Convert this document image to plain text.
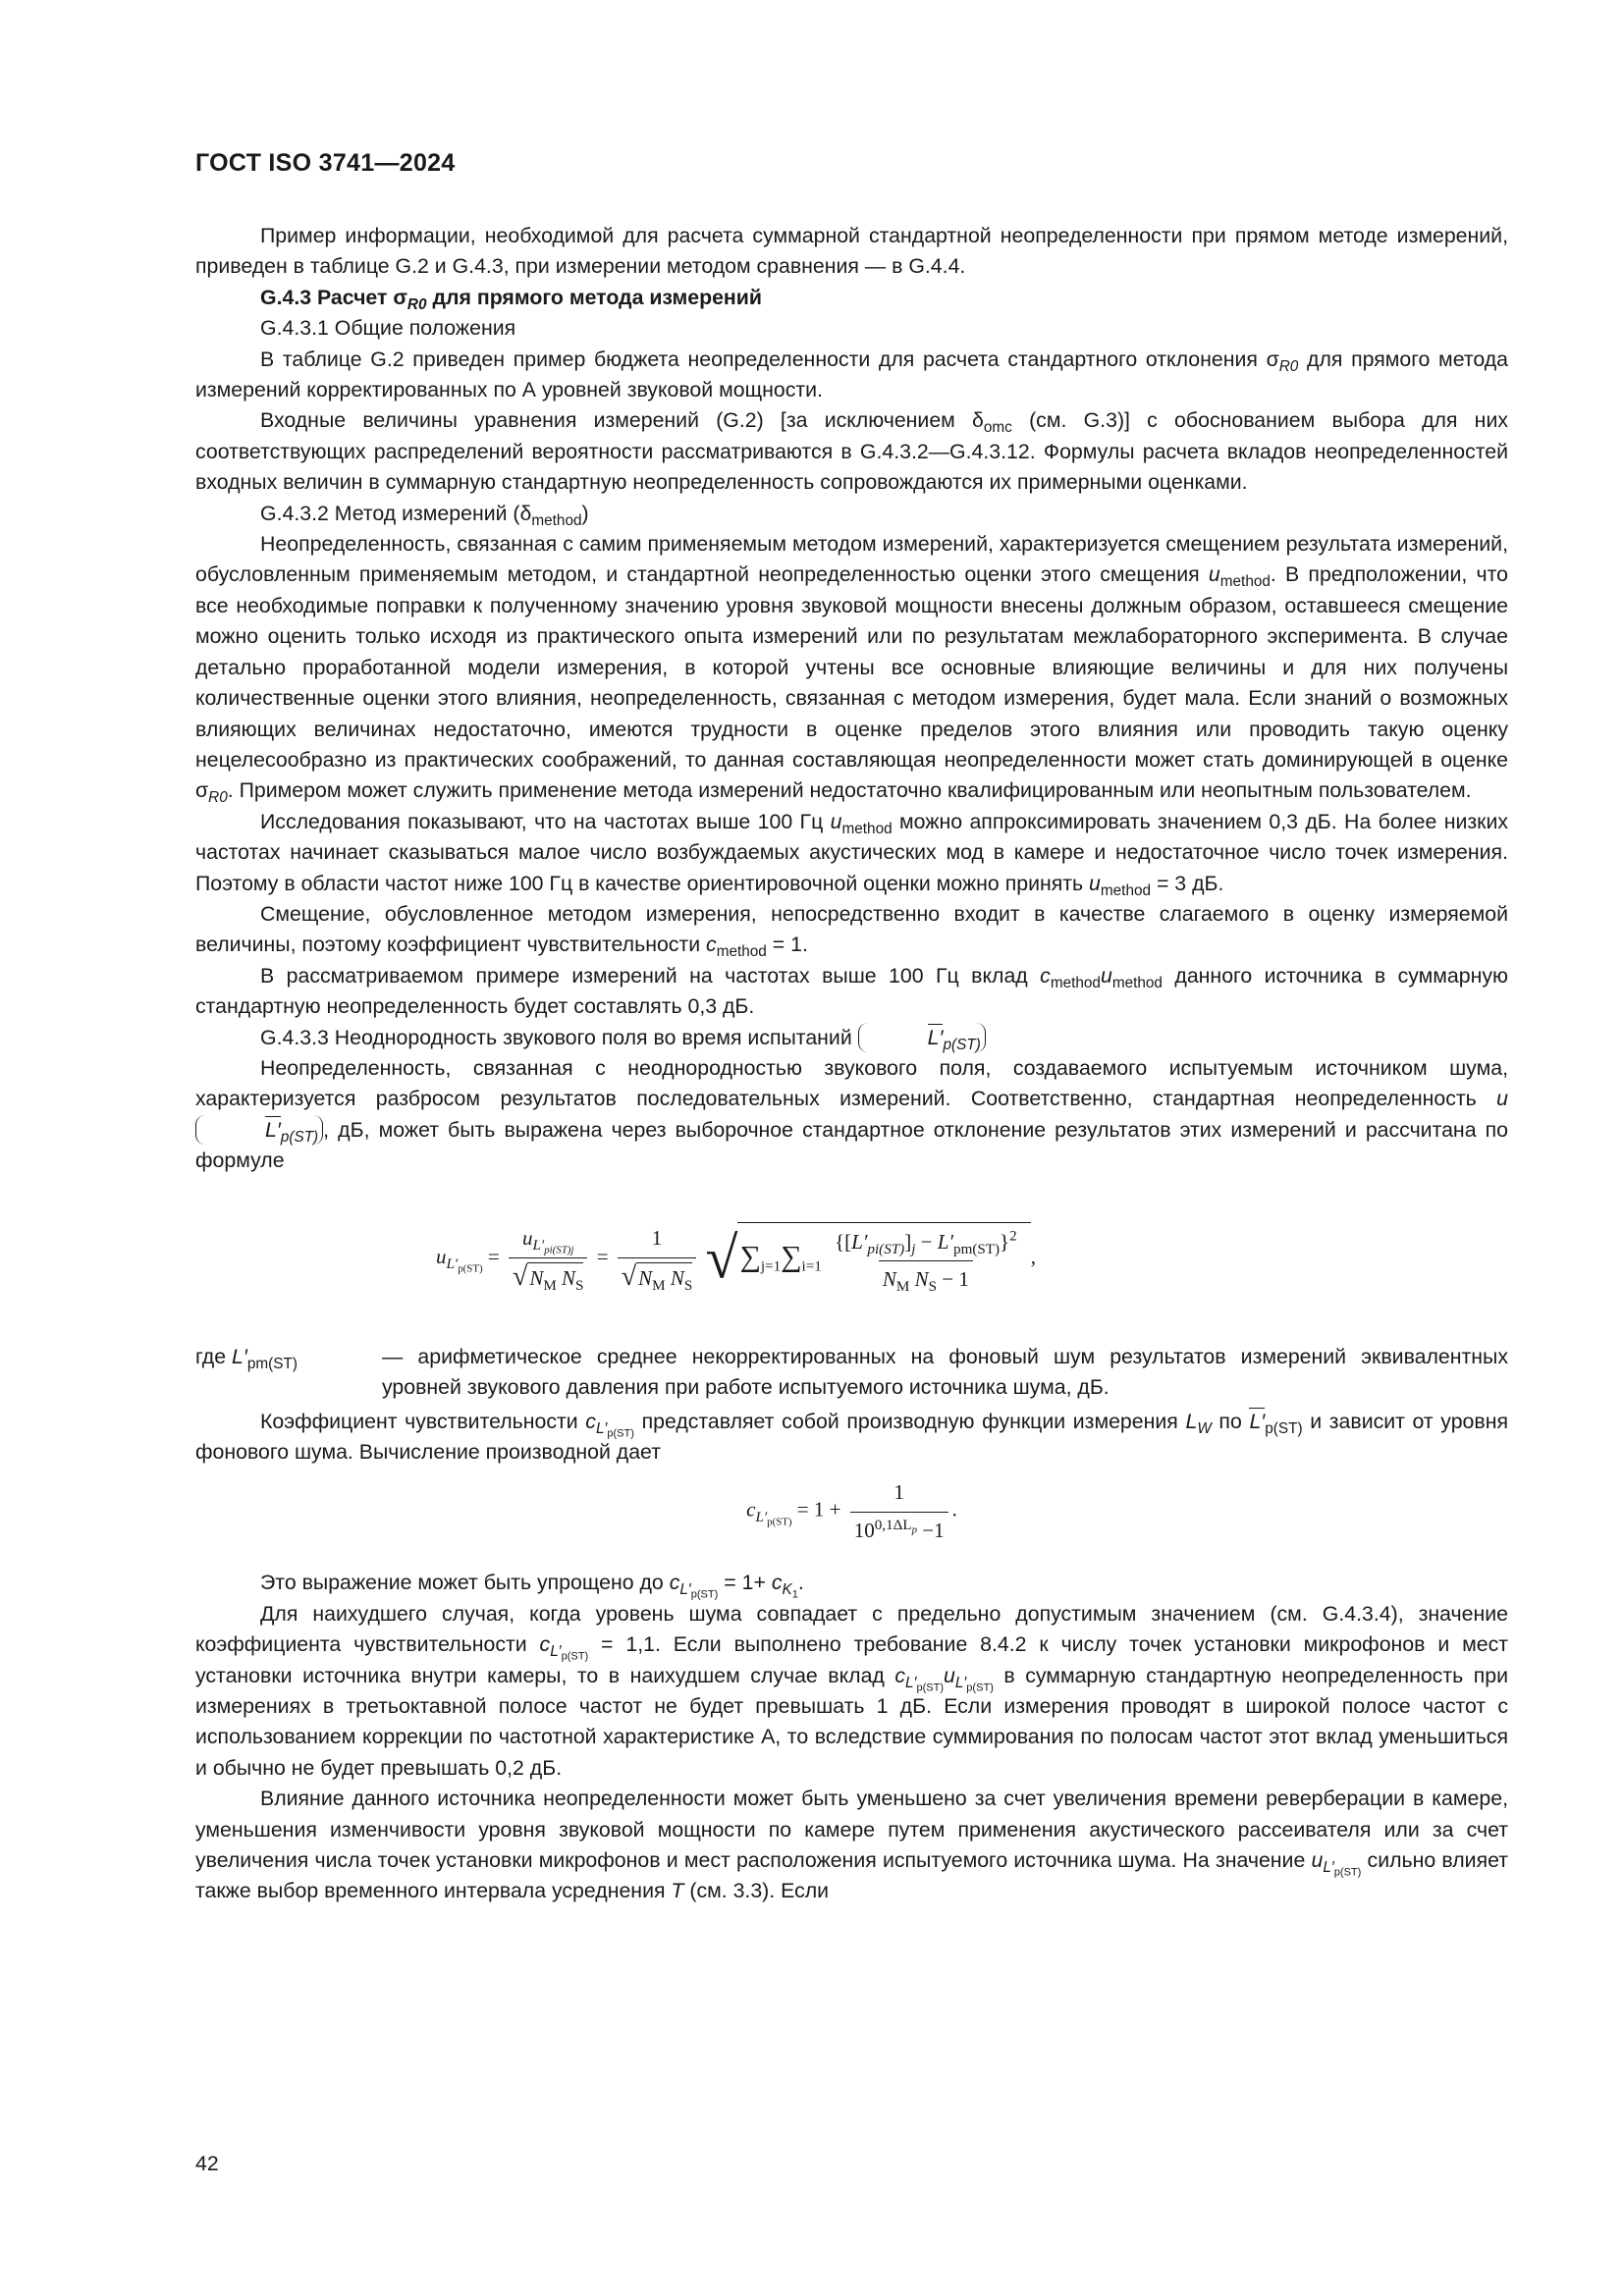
ГОСТ ISO 3741—2024

Пример информации, необходимой для расчета суммарной стандартной неопределенности при прямом методе измерений, приведен в таблице G.2 и G.4.3, при измерении методом сравнения — в G.4.4.

G.4.3 Расчет $\sigma_{R0}$ для прямого метода измерений

G.4.3.1 Общие положения

В таблице G.2 приведен пример бюджета неопределенности для расчета стандартного отклонения $\sigma_{R0}$ для прямого метода измерений корректированных по А уровней звуковой мощности.

Входные величины уравнения измерений (G.2) [за исключением $\delta_{omc}$ (см. G.3)] с обоснованием выбора для них соответствующих распределений вероятности рассматриваются в G.4.3.2—G.4.3.12. Формулы расчета вкладов неопределенностей входных величин в суммарную стандартную неопределенность сопровождаются их примерными оценками.

G.4.3.2 Метод измерений $(\delta_{method})$

Неопределенность, связанная с самим применяемым методом измерений, характеризуется смещением результата измерений, обусловленным применяемым методом, и стандартной неопределенностью оценки этого смещения $u_{method}$. В предположении, что все необходимые поправки к полученному значению уровня звуковой мощности внесены должным образом, оставшееся смещение можно оценить только исходя из практического опыта измерений или по результатам межлабораторного эксперимента. В случае детально проработанной модели измерения, в которой учтены все основные влияющие величины и для них получены количественные оценки этого влияния, неопределенность, связанная с методом измерения, будет мала. Если знаний о возможных влияющих величинах недостаточно, имеются трудности в оценке пределов этого влияния или проводить такую оценку нецелесообразно из практических соображений, то данная составляющая неопределенности может стать доминирующей в оценке $\sigma_{R0}$. Примером может служить применение метода измерений недостаточно квалифицированным или неопытным пользователем.

Исследования показывают, что на частотах выше 100 Гц $u_{method}$ можно аппроксимировать значением 0,3 дБ. На более низких частотах начинает сказываться малое число возбуждаемых акустических мод в камере и недостаточное число точек измерения. Поэтому в области частот ниже 100 Гц в качестве ориентировочной оценки можно принять $u_{method} = 3$ дБ.

Смещение, обусловленное методом измерения, непосредственно входит в качестве слагаемого в оценку измеряемой величины, поэтому коэффициент чувствительности $c_{method} = 1$.

В рассматриваемом примере измерений на частотах выше 100 Гц вклад $c_{method}u_{method}$ данного источника в суммарную стандартную неопределенность будет составлять 0,3 дБ.

G.4.3.3 Неоднородность звукового поля во время испытаний	$L'_{p(ST)}$

Неопределенность, связанная с неоднородностью звукового поля, создаваемого испытуемым источником шума, характеризуется разбросом результатов последовательных измерений. Соответственно, стандартная неопределенность $uL'_{p(ST)}$ , дБ, может быть выражена через выборочное стандартное отклонение результатов этих измерений и рассчитана по формуле

$u_{L'_{p(ST)}} = \frac{u_{L'_{pi(ST)j}}}{√N_M N_S} = \frac{1}{√N_M N_S} √\sum_{j=1}\sum_{i=1} \frac{\{[L'_{pi(ST)}]_j - L'_{pm(ST)}\}^2}{N_M N_S - 1}$ ,
где $L'_{pm(ST)}$	— арифметическое среднее некорректированных на фоновый шум результатов измерений эквивалентных уровней звукового давления при работе испытуемого источника шума, дБ.

Коэффициент чувствительности $c_{L'_{p(ST)}}$ представляет собой производную функции измерения $L_W$ по $L'_{p(ST)}$ и зависит от уровня фонового шума. Вычисление производной дает

$c_{L'_{p(ST)}} = 1 + \frac{1}{10^{0,1\Delta L_p} -1}$ .

Это выражение может быть упрощено до $c_{L'_{p(ST)}} = 1+ c_{K_1}$.

Для наихудшего случая, когда уровень шума совпадает с предельно допустимым значением (см. G.4.3.4), значение коэффициента чувствительности $c_{L'_{p(ST)}} = 1,1$. Если выполнено требование 8.4.2 к числу точек установки микрофонов и мест установки источника внутри камеры, то в наихудшем случае вклад $c_{L'_{p(ST)}}u_{L'_{p(ST)}}$ в суммарную стандартную неопределенность при измерениях в третьоктавной полосе частот не будет превышать 1 дБ. Если измерения проводят в широкой полосе частот с использованием коррекции по частотной характеристике А, то вследствие суммирования по полосам частот этот вклад уменьшиться и обычно не будет превышать 0,2 дБ.

Влияние данного источника неопределенности может быть уменьшено за счет увеличения времени реверберации в камере, уменьшения изменчивости уровня звуковой мощности по камере путем применения акустического рассеивателя или за счет увеличения числа точек установки микрофонов и мест расположения испытуемого источника шума. На значение $u_{L'_{p(ST)}}$ сильно влияет также выбор временного интервала усреднения T (см. 3.3). Если

42
